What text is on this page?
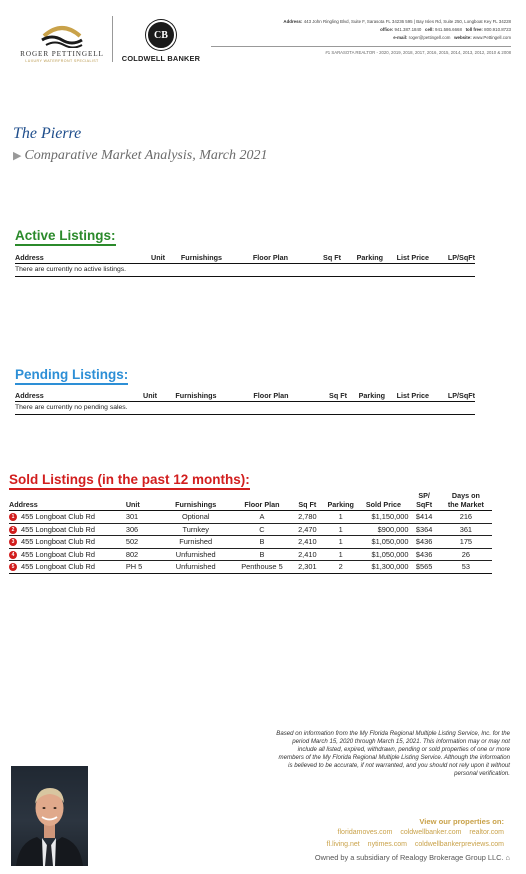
ROGER PETTINGELL
LUXURY WATERFRONT SPECIALIST
CB
COLDWELL BANKER
Address: 443 John Ringling Blvd, Suite F, Sarasota FL 34236 595 | Bay Isles Rd, Suite 250, Longboat Key FL 34228
office: 941.387.1840 cell: 941.586.6668 toll free: 800.910.8723
e-mail: roger@pettingell.com website: www.Pettingell.com
#1 SARASOTA REALTOR - 2020, 2019, 2018, 2017, 2016, 2015, 2014, 2013, 2012, 2010 & 2008
The Pierre
▶ Comparative Market Analysis, March 2021
Active Listings:
Address	Unit	Furnishings	Floor Plan	Sq Ft	Parking	List Price	LP/SqFt
There are currently no active listings.
Pending Listings:
Address	Unit	Furnishings	Floor Plan	Sq Ft	Parking	List Price	LP/SqFt
There are currently no pending sales.
Sold Listings (in the past 12 months):
Address	Unit	Furnishings	Floor Plan	Sq Ft	Parking	Sold Price	SP/
SqFt	Days on
the Market
1 455 Longboat Club Rd	301	Optional	A	2,780	1	$1,150,000	$414	216
2 455 Longboat Club Rd	306	Turnkey	C	2,470	1	$900,000	$364	361
3 455 Longboat Club Rd	502	Furnished	B	2,410	1	$1,050,000	$436	175
4 455 Longboat Club Rd	802	Unfurnished	B	2,410	1	$1,050,000	$436	26
5 455 Longboat Club Rd	PH 5	Unfurnished	Penthouse 5	2,301	2	$1,300,000	$565	53
Based on information from the My Florida Regional Multiple Listing Service, Inc. for the period March 15, 2020 through March 15, 2021. This information may or may not include all listed, expired, withdrawn, pending or sold properties of one or more members of the My Florida Regional Multiple Listing Service. Although the information is believed to be accurate, if not warranted, and you should not rely upon it without personal verification.
View our properties on:
floridamoves.com coldwellbanker.com realtor.com
fl.living.net nytimes.com coldwellbankerpreviews.com
Owned by a subsidiary of Realogy Brokerage Group LLC. ⌂
